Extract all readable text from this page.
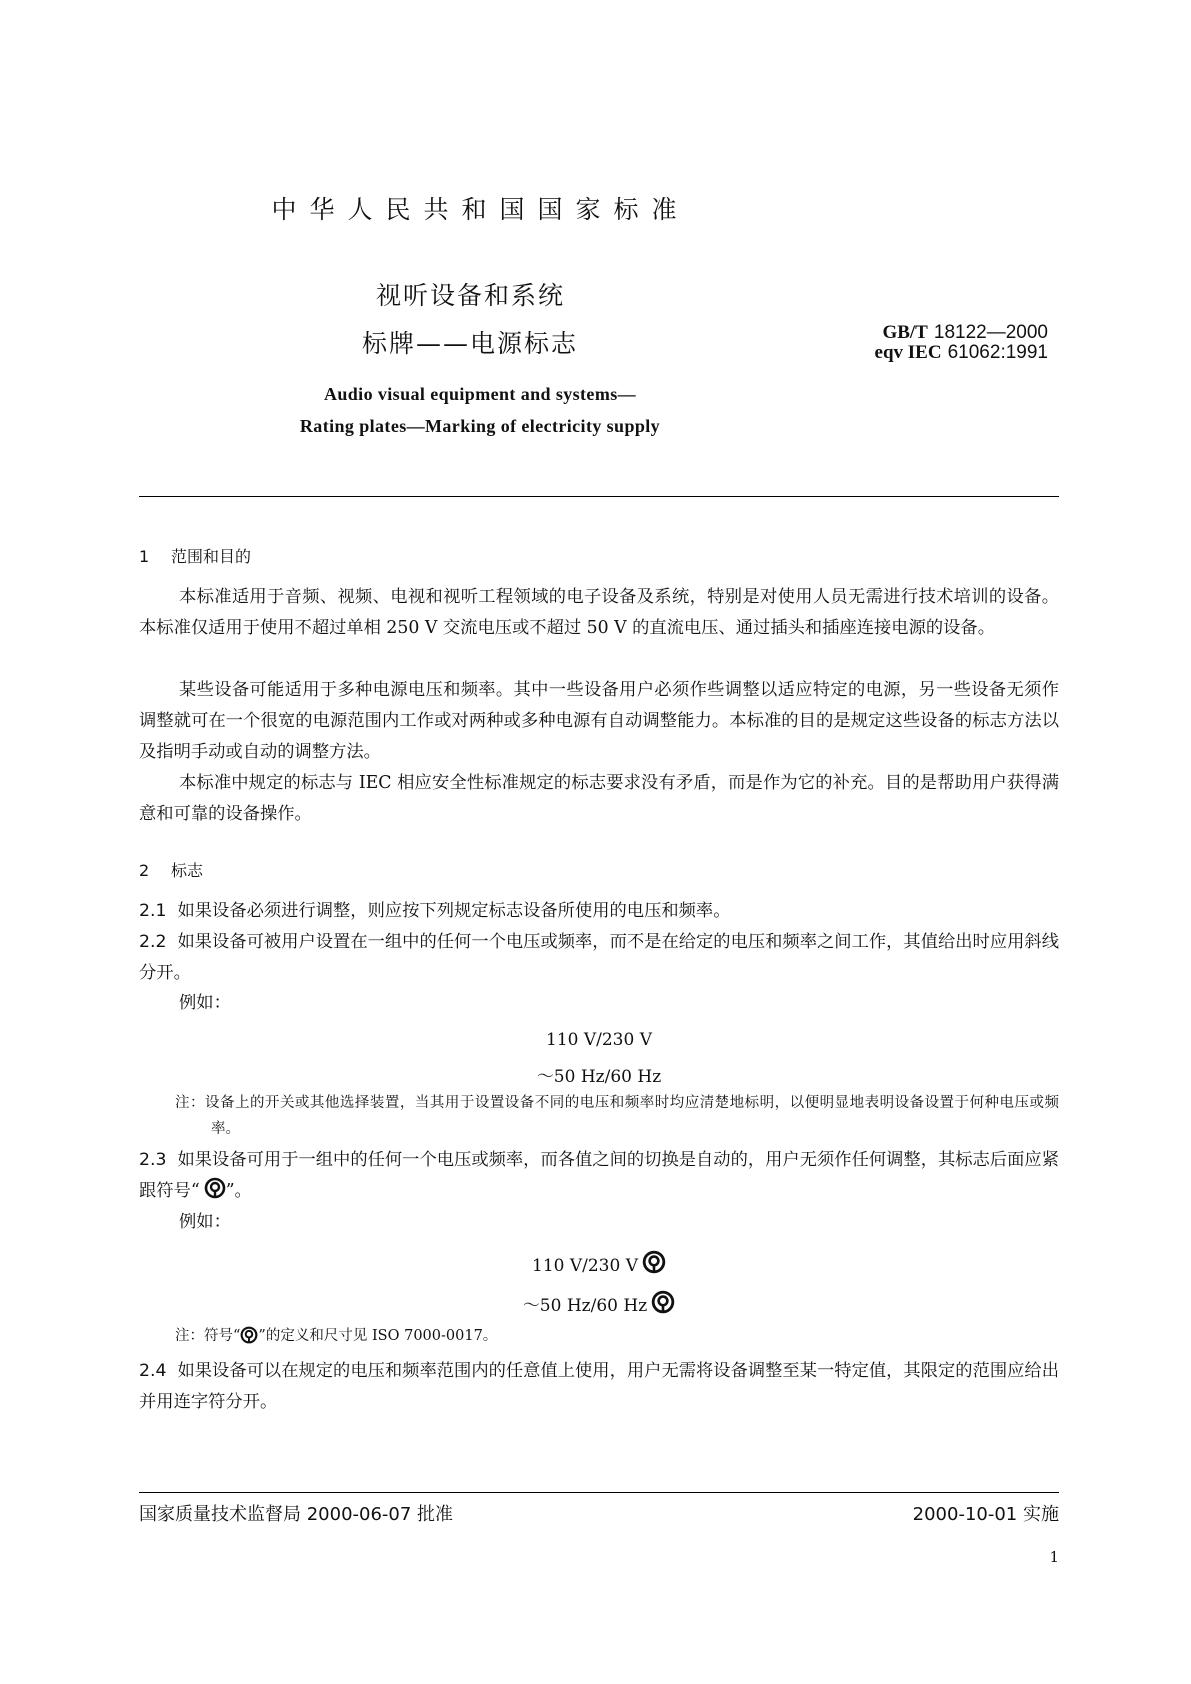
中华人民共和国国家标准
视听设备和系统
标牌——电源标志	GB/T 18122—2000
eqv IEC 61062:1991
Audio visual equipment and systems—
Rating plates—Marking of electricity supply
1 范围和目的
本标准适用于音频、视频、电视和视听工程领域的电子设备及系统，特别是对使用人员无需进行技术培训的设备。本标准仅适用于使用不超过单相 250 V 交流电压或不超过 50 V 的直流电压、通过插头和插座连接电源的设备。
某些设备可能适用于多种电源电压和频率。其中一些设备用户必须作些调整以适应特定的电源，另一些设备无须作调整就可在一个很宽的电源范围内工作或对两种或多种电源有自动调整能力。本标准的目的是规定这些设备的标志方法以及指明手动或自动的调整方法。
本标准中规定的标志与 IEC 相应安全性标准规定的标志要求没有矛盾，而是作为它的补充。目的是帮助用户获得满意和可靠的设备操作。
2 标志
2.1 如果设备必须进行调整，则应按下列规定标志设备所使用的电压和频率。
2.2 如果设备可被用户设置在一组中的任何一个电压或频率，而不是在给定的电压和频率之间工作，其值给出时应用斜线分开。
例如：
110 V/230 V
～50 Hz/60 Hz
注：设备上的开关或其他选择装置，当其用于设置设备不同的电压和频率时均应清楚地标明，以便明显地表明设备设置于何种电压或频率。
2.3 如果设备可用于一组中的任何一个电压或频率，而各值之间的切换是自动的，用户无须作任何调整，其标志后面应紧跟符号“ ”。
例如：
110 V/230 V
～50 Hz/60 Hz
注：符号“ ”的定义和尺寸见 ISO 7000-0017。
2.4 如果设备可以在规定的电压和频率范围内的任意值上使用，用户无需将设备调整至某一特定值，其限定的范围应给出并用连字符分开。
国家质量技术监督局 2000-06-07 批准	2000-10-01 实施
1
